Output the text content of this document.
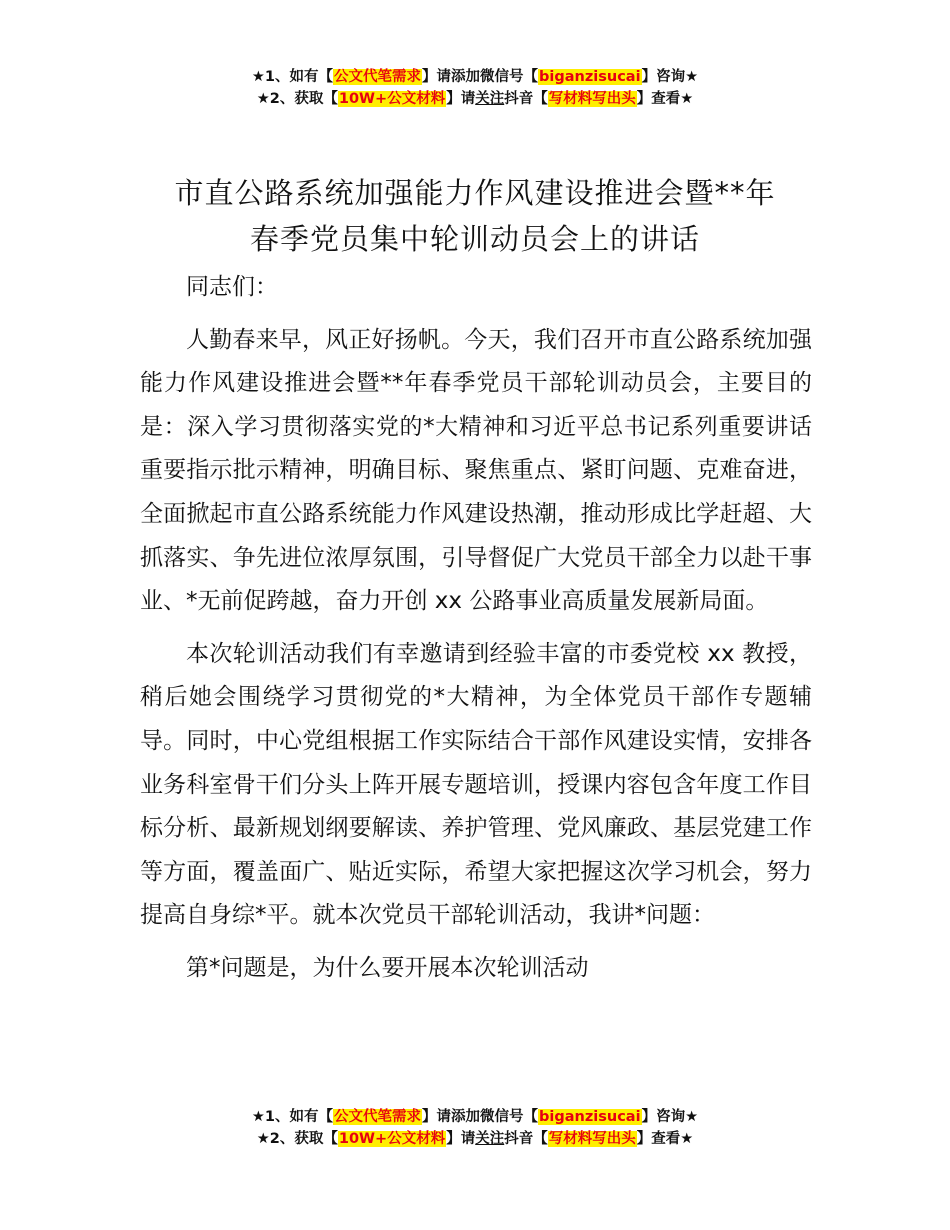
★1、如有【公文代笔需求】请添加微信号【biganzisucai】咨询★
★2、获取【10W+公文材料】请关注抖音【写材料写出头】查看★
市直公路系统加强能力作风建设推进会暨**年
春季党员集中轮训动员会上的讲话

同志们：

人勤春来早，风正好扬帆。今天，我们召开市直公路系统加强能力作风建设推进会暨**年春季党员干部轮训动员会，主要目的是：深入学习贯彻落实党的*大精神和习近平总书记系列重要讲话重要指示批示精神，明确目标、聚焦重点、紧盯问题、克难奋进，全面掀起市直公路系统能力作风建设热潮，推动形成比学赶超、大抓落实、争先进位浓厚氛围，引导督促广大党员干部全力以赴干事业、*无前促跨越，奋力开创 xx 公路事业高质量发展新局面。

本次轮训活动我们有幸邀请到经验丰富的市委党校 xx 教授，稍后她会围绕学习贯彻党的*大精神，为全体党员干部作专题辅导。同时，中心党组根据工作实际结合干部作风建设实情，安排各业务科室骨干们分头上阵开展专题培训，授课内容包含年度工作目标分析、最新规划纲要解读、养护管理、党风廉政、基层党建工作等方面，覆盖面广、贴近实际，希望大家把握这次学习机会，努力提高自身综*平。就本次党员干部轮训活动，我讲*问题：

第*问题是，为什么要开展本次轮训活动

★1、如有【公文代笔需求】请添加微信号【biganzisucai】咨询★
★2、获取【10W+公文材料】请关注抖音【写材料写出头】查看★
